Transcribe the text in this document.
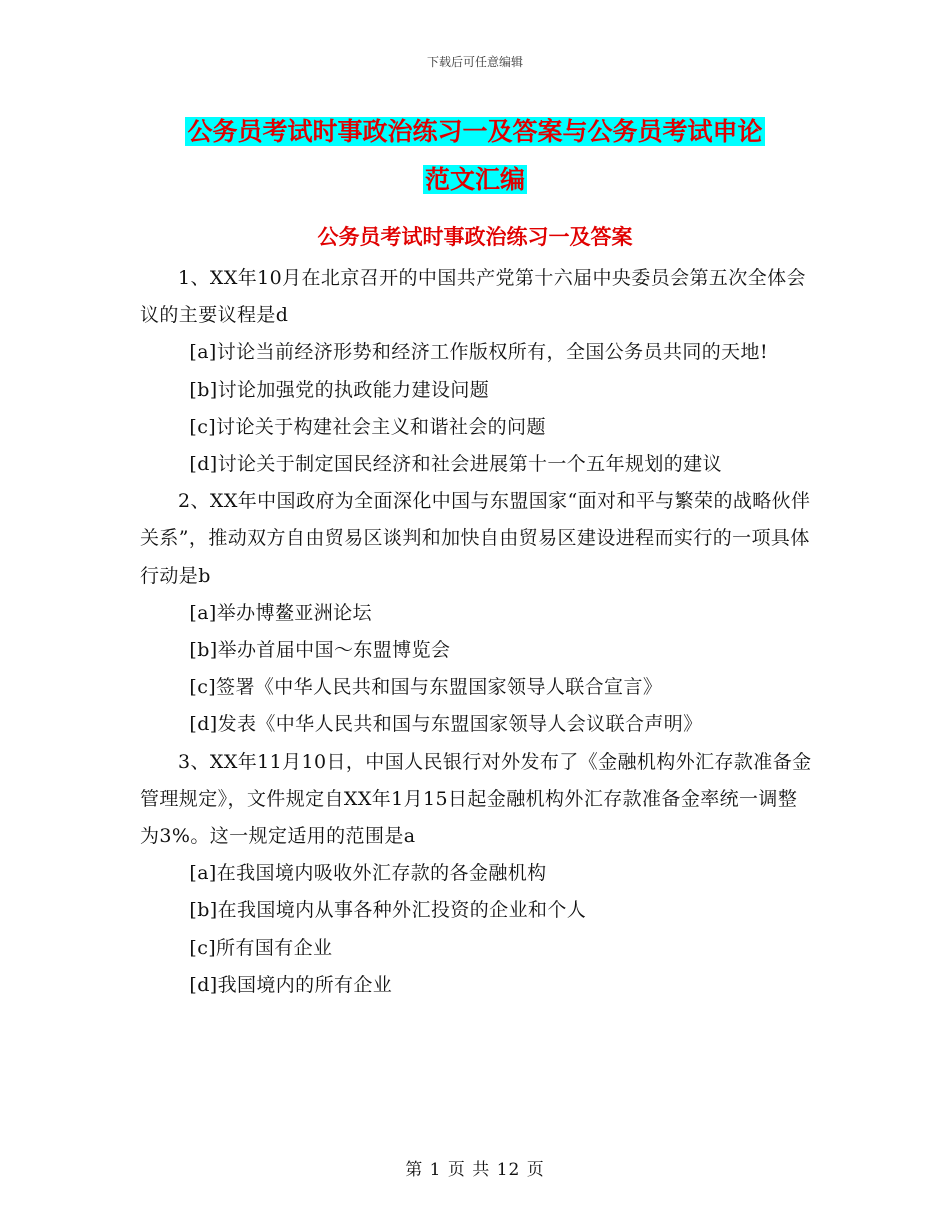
下载后可任意编辑
公务员考试时事政治练习一及答案与公务员考试申论
范文汇编
公务员考试时事政治练习一及答案

1、XX年10月在北京召开的中国共产党第十六届中央委员会第五次全体会议的主要议程是d

[a]讨论当前经济形势和经济工作版权所有，全国公务员共同的天地!

[b]讨论加强党的执政能力建设问题

[c]讨论关于构建社会主义和谐社会的问题

[d]讨论关于制定国民经济和社会进展第十一个五年规划的建议

2、XX年中国政府为全面深化中国与东盟国家“面对和平与繁荣的战略伙伴关系”，推动双方自由贸易区谈判和加快自由贸易区建设进程而实行的一项具体行动是b

[a]举办博鳌亚洲论坛

[b]举办首届中国～东盟博览会

[c]签署《中华人民共和国与东盟国家领导人联合宣言》

[d]发表《中华人民共和国与东盟国家领导人会议联合声明》

3、XX年11月10日，中国人民银行对外发布了《金融机构外汇存款准备金管理规定》，文件规定自XX年1月15日起金融机构外汇存款准备金率统一调整为3%。这一规定适用的范围是a

[a]在我国境内吸收外汇存款的各金融机构

[b]在我国境内从事各种外汇投资的企业和个人

[c]所有国有企业

[d]我国境内的所有企业

第 1 页 共 12 页
